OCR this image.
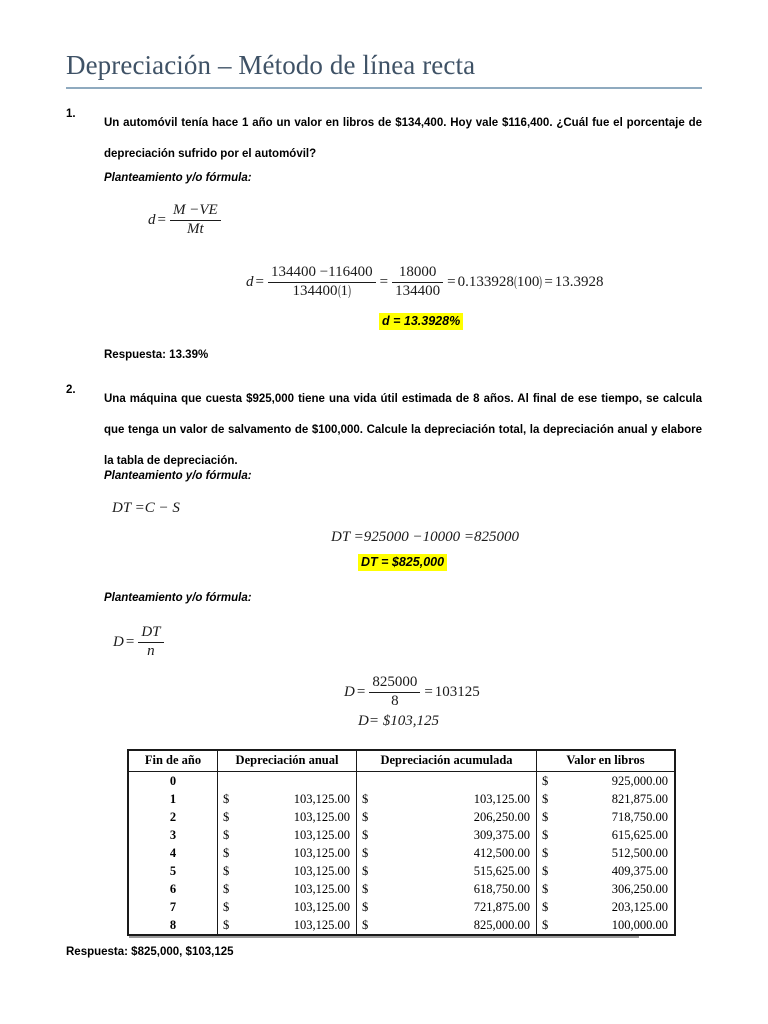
Depreciación – Método de línea recta
1.
Un automóvil tenía hace 1 año un valor en libros de $134,400. Hoy vale $116,400. ¿Cuál fue el porcentaje de depreciación sufrido por el automóvil?
Planteamiento y/o fórmula:
$d = \frac{M -VE}{Mt}$
$d = \frac{134400 -116400}{134400(1)} = \frac{18000}{134400} = 0.133928$ ( 100 ) = 13.3928
d = 13.3928%
Respuesta: 13.39%
2.
Una máquina que cuesta $925,000 tiene una vida útil estimada de 8 años. Al final de ese tiempo, se calcula que tenga un valor de salvamento de $100,000. Calcule la depreciación total, la depreciación anual y elabore la tabla de depreciación.
Planteamiento y/o fórmula:
DT =C − S
DT =925000 −10000 =825000
DT = $825,000
Planteamiento y/o fórmula:
$D = \frac{DT}{n}$
$D = \frac{825000}{8} = 103125$
D= $103,125
Fin de año	Depreciación anual	Depreciación acumulada	Valor en libros
0			$ 925,000.00

1	$ 103,125.00	$ 103,125.00	$ 821,875.00

2	$ 103,125.00	$ 206,250.00	$ 718,750.00

3	$ 103,125.00	$ 309,375.00	$ 615,625.00

4	$ 103,125.00	$ 412,500.00	$ 512,500.00

5	$ 103,125.00	$ 515,625.00	$ 409,375.00

6	$ 103,125.00	$ 618,750.00	$ 306,250.00

7	$ 103,125.00	$ 721,875.00	$ 203,125.00

8	$ 103,125.00	$ 825,000.00	$ 100,000.00
Respuesta: $825,000, $103,125
